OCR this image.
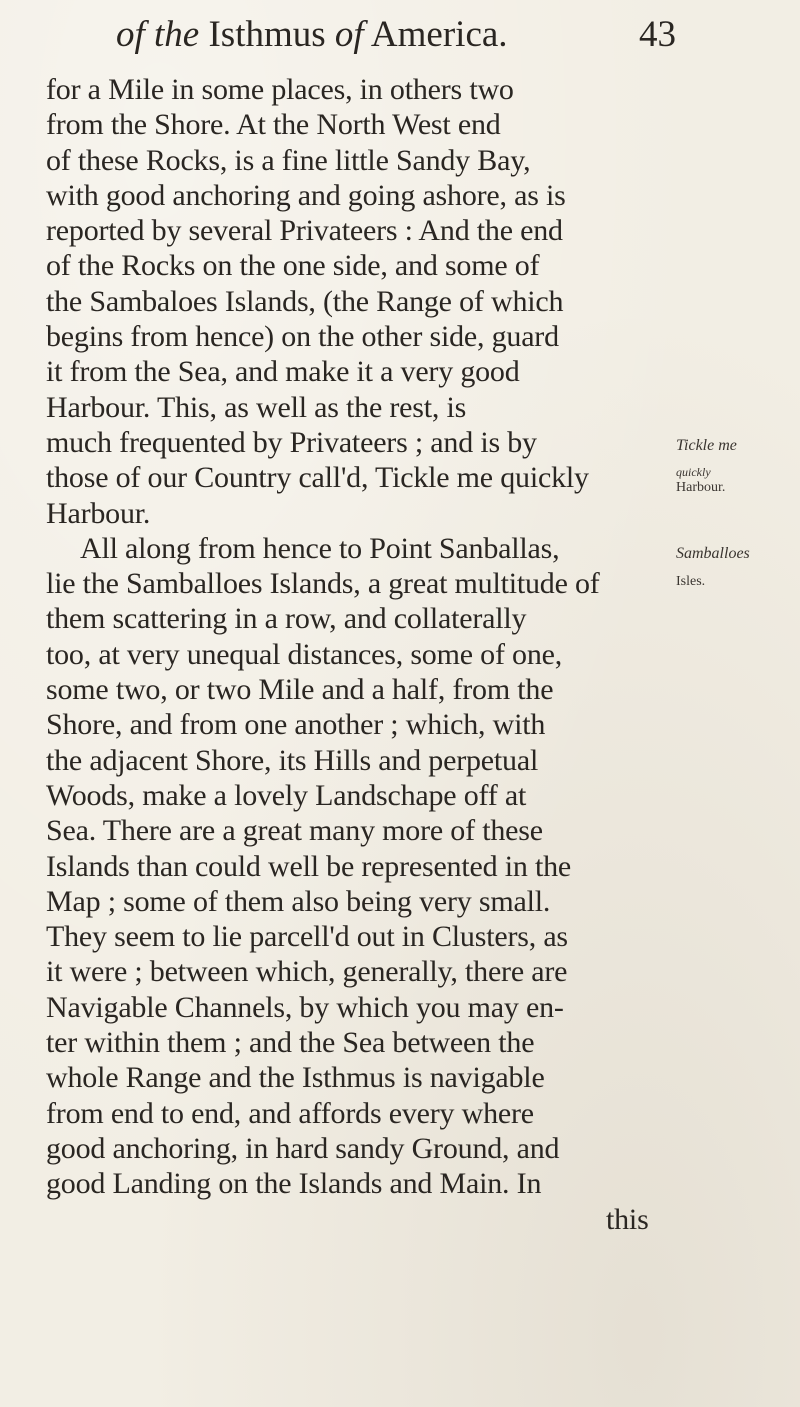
of the Isthmus of America.	43
for a Mile in some places, in others two
from the Shore. At the North West end
of these Rocks, is a fine little Sandy Bay,
with good anchoring and going ashore, as is
reported by several Privateers : And the end
of the Rocks on the one side, and some of
the Sambaloes Islands, (the Range of which
begins from hence) on the other side, guard
it from the Sea, and make it a very good
Harbour. This, as well as the rest, is
much frequented by Privateers ; and is by
those of our Country call'd, Tickle me quickly
Harbour.
All along from hence to Point Sanballas,
lie the Samballoes Islands, a great multitude of
them scattering in a row, and collaterally
too, at very unequal distances, some of one,
some two, or two Mile and a half, from the
Shore, and from one another ; which, with
the adjacent Shore, its Hills and perpetual
Woods, make a lovely Landschape off at
Sea. There are a great many more of these
Islands than could well be represented in the
Map ; some of them also being very small.
They seem to lie parcell'd out in Clusters, as
it were ; between which, generally, there are
Navigable Channels, by which you may en-
ter within them ; and the Sea between the
whole Range and the Isthmus is navigable
from end to end, and affords every where
good anchoring, in hard sandy Ground, and
good Landing on the Islands and Main. In
this
Tickle me
quickly
Harbour.
Samballoes
Isles.
